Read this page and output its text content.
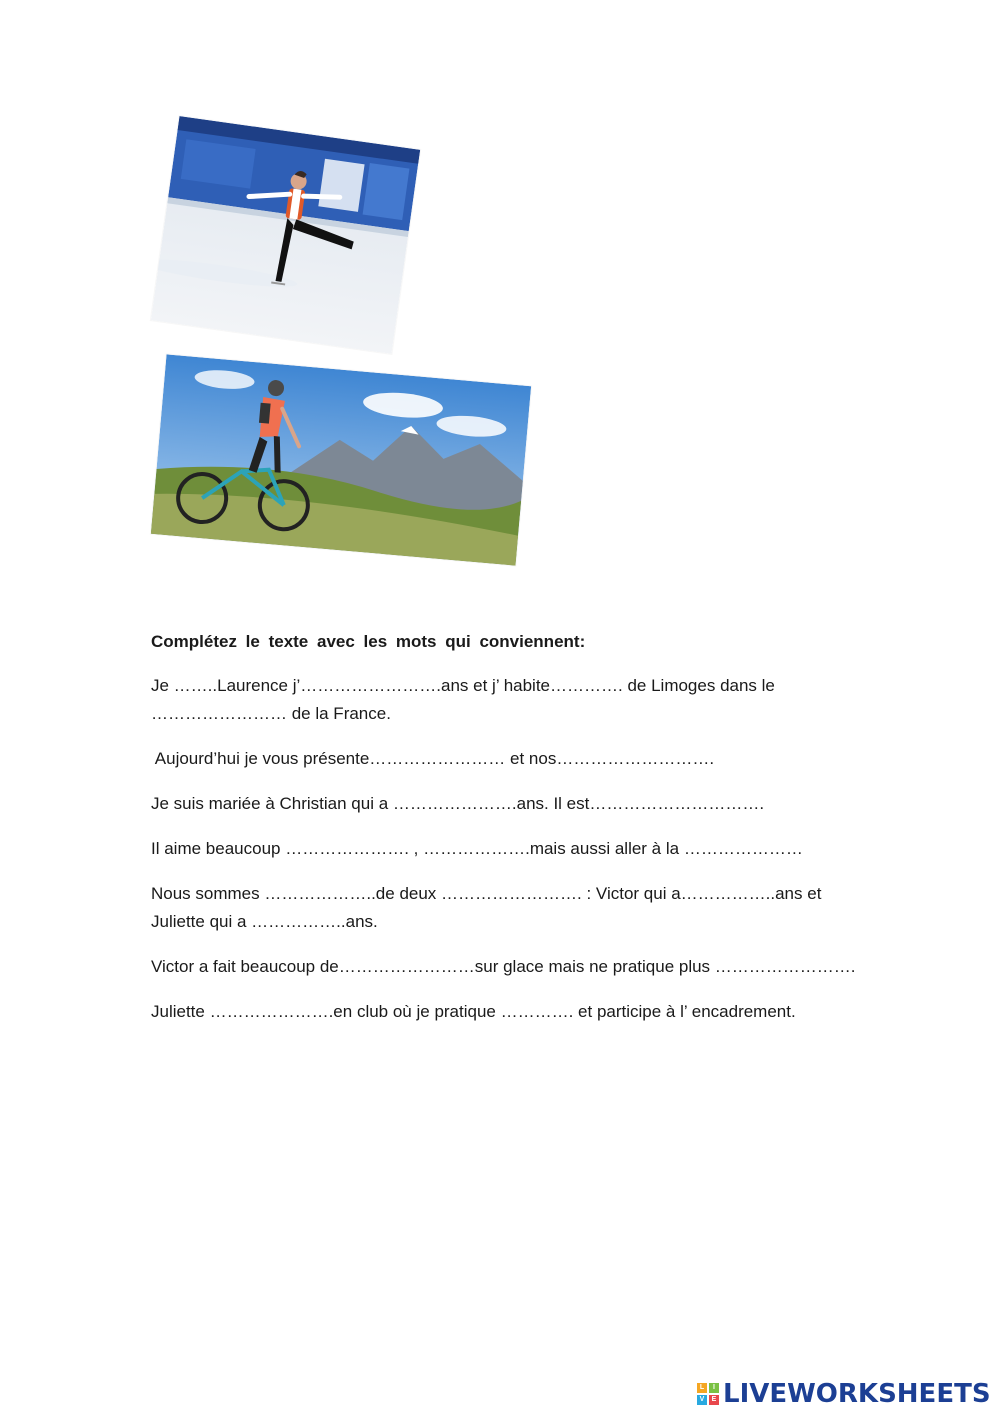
Complétez le texte avec les mots qui conviennent:

Je ……..Laurence j’…………………….ans et j’ habite…………. de Limoges dans le …………………… de la France.

Aujourd’hui je vous présente…………………… et nos……………………….

Je suis mariée à Christian qui a ………………….ans. Il est………………………….

Il aime beaucoup …………………. , ……………….mais aussi aller à la …………………

Nous sommes ………………..de deux ……………………. : Victor qui a……………..ans et Juliette qui a ……………..ans.

Victor a fait beaucoup de……………………sur glace mais ne pratique plus …………………….

Juliette ………………….en club où je pratique …………. et participe à l’ encadrement.

L	I
V	E LIVEWORKSHEETS
